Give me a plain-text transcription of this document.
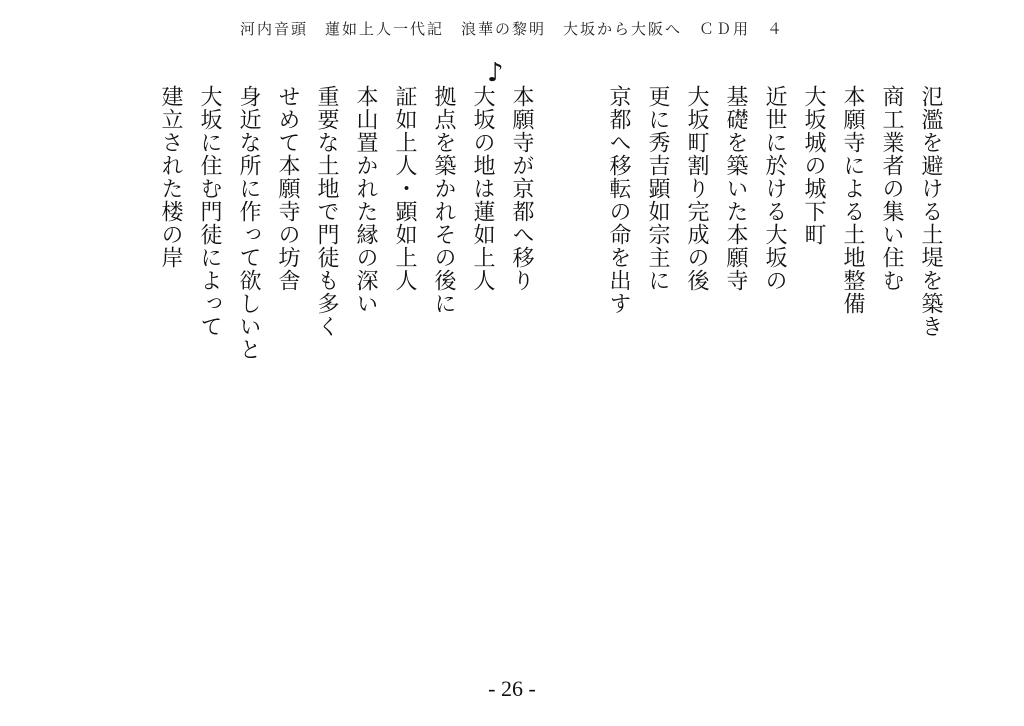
河内音頭　蓮如上人一代記　浪華の黎明　大坂から大阪へ　ＣＤ用　４
♪
氾濫を避ける土堤を築き
商工業者の集い住む
本願寺による土地整備
大坂城の城下町
近世に於ける大坂の
基礎を築いた本願寺
大坂町割り完成の後
更に秀吉顕如宗主に
京都へ移転の命を出す
本願寺が京都へ移り
大坂の地は蓮如上人
拠点を築かれその後に
証如上人・顕如上人
本山置かれた縁の深い
重要な土地で門徒も多く
せめて本願寺の坊舎
身近な所に作って欲しいと
大坂に住む門徒によって
建立された楼の岸
- 26 -
